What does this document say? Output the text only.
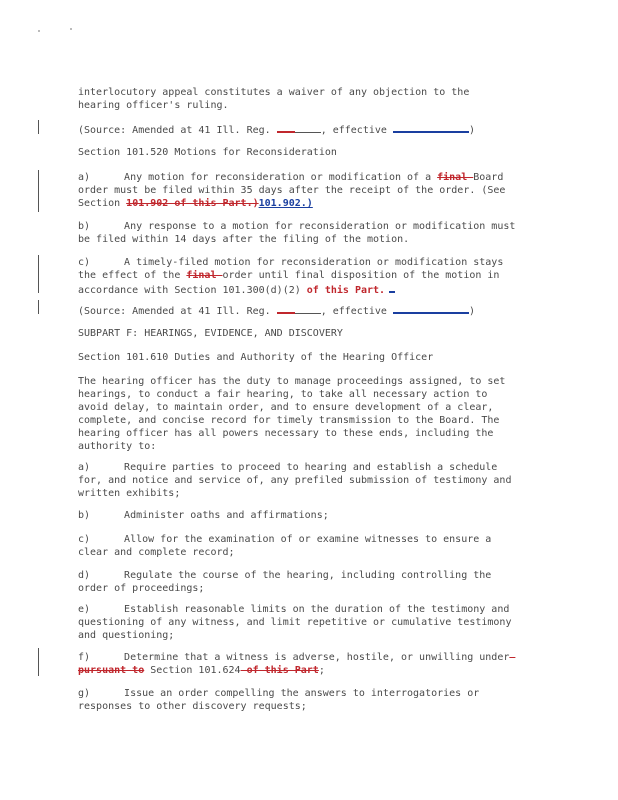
interlocutory appeal constitutes a waiver of any objection to the

hearing officer's ruling.

(Source: Amended at 41 Ill. Reg.	, effective	)

Section 101.520 Motions for Reconsideration

a)	Any motion for reconsideration or modification of a final Board

order must be filed within 35 days after the receipt of the order. (See

Section 101.902 of this Part.)101.902.)

b)	Any response to a motion for reconsideration or modification must

be filed within 14 days after the filing of the motion.

c)	A timely-filed motion for reconsideration or modification stays

the effect of the final order until final disposition of the motion in

accordance with Section 101.300(d)(2) of this Part.

(Source: Amended at 41 Ill. Reg.	, effective	)

SUBPART F: HEARINGS, EVIDENCE, AND DISCOVERY

Section 101.610 Duties and Authority of the Hearing Officer

The hearing officer has the duty to manage proceedings assigned, to set

hearings, to conduct a fair hearing, to take all necessary action to

avoid delay, to maintain order, and to ensure development of a clear,

complete, and concise record for timely transmission to the Board. The

hearing officer has all powers necessary to these ends, including the

authority to:

a)	Require parties to proceed to hearing and establish a schedule

for, and notice and service of, any prefiled submission of testimony and

written exhibits;

b)	Administer oaths and affirmations;

c)	Allow for the examination of or examine witnesses to ensure a

clear and complete record;

d)	Regulate the course of the hearing, including controlling the

order of proceedings;

e)	Establish reasonable limits on the duration of the testimony and

questioning of any witness, and limit repetitive or cumulative testimony

and questioning;

f)	Determine that a witness is adverse, hostile, or unwilling under

pursuant to Section 101.624 of this Part;

g)	Issue an order compelling the answers to interrogatories or

responses to other discovery requests;
